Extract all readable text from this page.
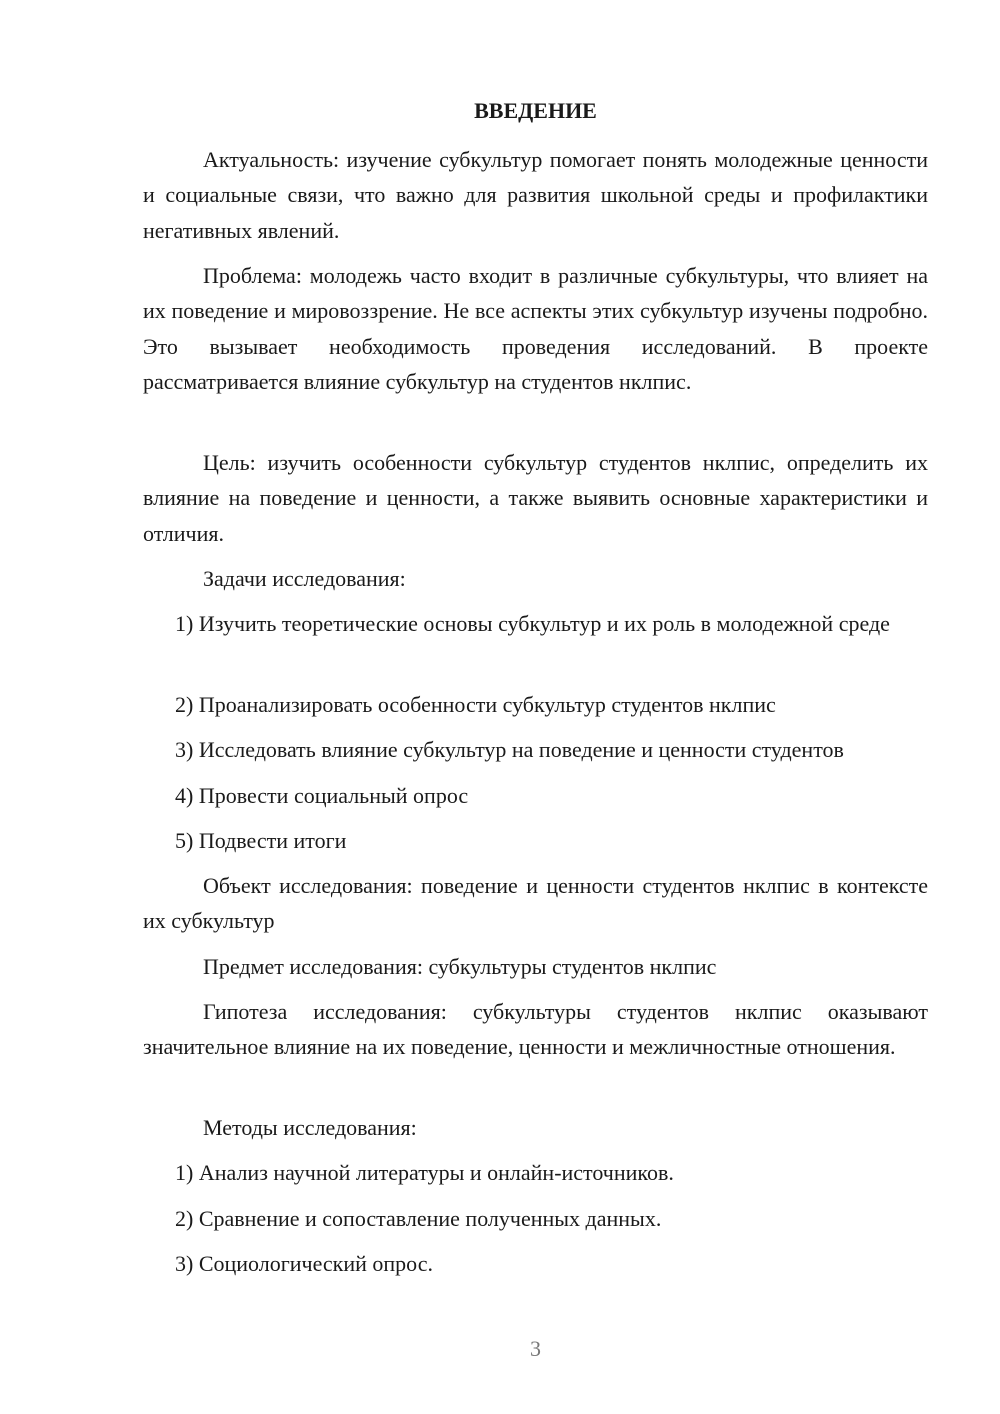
ВВЕДЕНИЕ

Актуальность: изучение субкультур помогает понять молодежные ценности и социальные связи, что важно для развития школьной среды и профилактики негативных явлений.

Проблема: молодежь часто входит в различные субкультуры, что влияет на их поведение и мировоззрение. Не все аспекты этих субкультур изучены подробно. Это вызывает необходимость проведения исследований. В проекте рассматривается влияние субкультур на студентов нклпис.

Цель: изучить особенности субкультур студентов нклпис, определить их влияние на поведение и ценности, а также выявить основные характеристики и отличия.

Задачи исследования:

1) Изучить теоретические основы субкультур и их роль в молодежной среде

2) Проанализировать особенности субкультур студентов нклпис

3) Исследовать влияние субкультур на поведение и ценности студентов

4) Провести социальный опрос

5) Подвести итоги

Объект исследования: поведение и ценности студентов нклпис в контексте их субкультур

Предмет исследования: субкультуры студентов нклпис

Гипотеза исследования: субкультуры студентов нклпис оказывают значительное влияние на их поведение, ценности и межличностные отношения.

Методы исследования:

1) Анализ научной литературы и онлайн-источников.

2) Сравнение и сопоставление полученных данных.

3) Социологический опрос.

3
